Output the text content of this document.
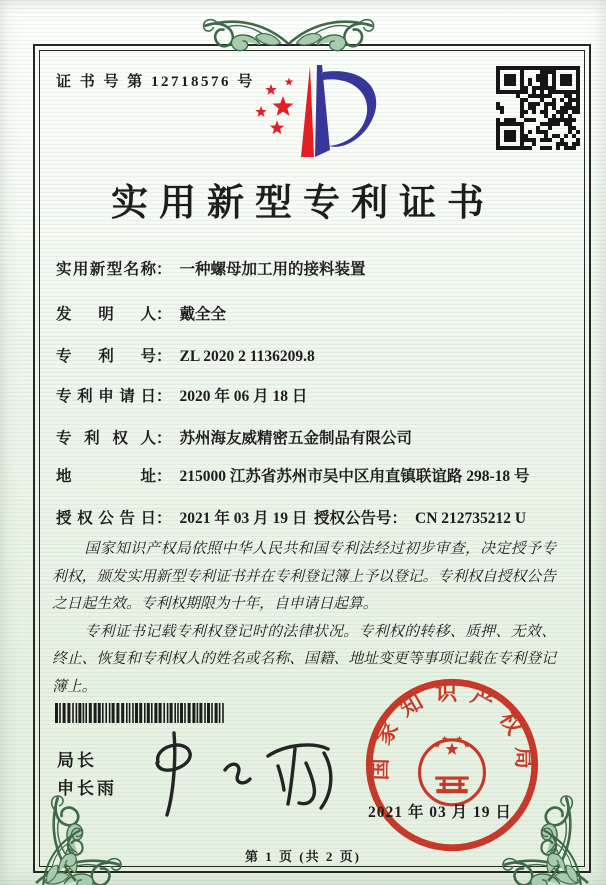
证 书 号 第 12718576 号
实用新型专利证书
实用新型名称： 一种螺母加工用的接料装置
发明人： 戴全全
专利号： ZL 2020 2 1136209.8
专利申请日： 2020 年 06 月 18 日
专利权人： 苏州海友威精密五金制品有限公司
地址： 215000 江苏省苏州市吴中区甪直镇联谊路 298-18 号
授权公告日： 2021 年 03 月 19 日 授权公告号： CN 212735212 U

国家知识产权局依照中华人民共和国专利法经过初步审查，决定授予专利权，颁发实用新型专利证书并在专利登记簿上予以登记。专利权自授权公告之日起生效。专利权期限为十年，自申请日起算。

专利证书记载专利权登记时的法律状况。专利权的转移、质押、无效、终止、恢复和专利权人的姓名或名称、国籍、地址变更等事项记载在专利登记簿上。

局长
申长雨
国家知识产权局
2021 年 03 月 19 日
第 1 页 (共 2 页)
